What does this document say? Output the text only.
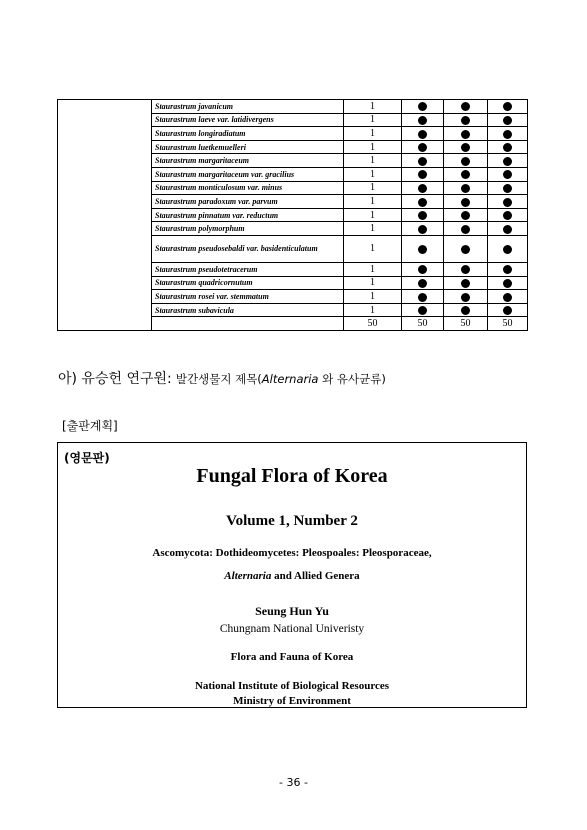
	Staurastrum javanicum	1			
	Staurastrum laeve var. latidivergens	1			
	Staurastrum longiradiatum	1			
	Staurastrum luetkemuelleri	1			
	Staurastrum margaritaceum	1			
	Staurastrum margaritaceum var. gracilius	1			
	Staurastrum monticulosum var. minus	1			
	Staurastrum paradoxum var. parvum	1			
	Staurastrum pinnatum var. reductum	1			
	Staurastrum polymorphum	1			
	Staurastrum pseudosebaldi var. basidenticulatum	1			
	Staurastrum pseudotetracerum	1			
	Staurastrum quadricornutum	1			
	Staurastrum rosei var. stemmatum	1			
	Staurastrum subavicula	1			
		50	50	50	50
아) 유승헌 연구원: 발간생물지 제목(Alternaria 와 유사균류)
[출판계획]
(영문판)
Fungal Flora of Korea
Volume 1, Number 2
Ascomycota: Dothideomycetes: Pleospoales: Pleosporaceae,
Alternaria and Allied Genera
Seung Hun Yu
Chungnam National Univeristy
Flora and Fauna of Korea
National Institute of Biological Resources
Ministry of Environment
- 36 -
